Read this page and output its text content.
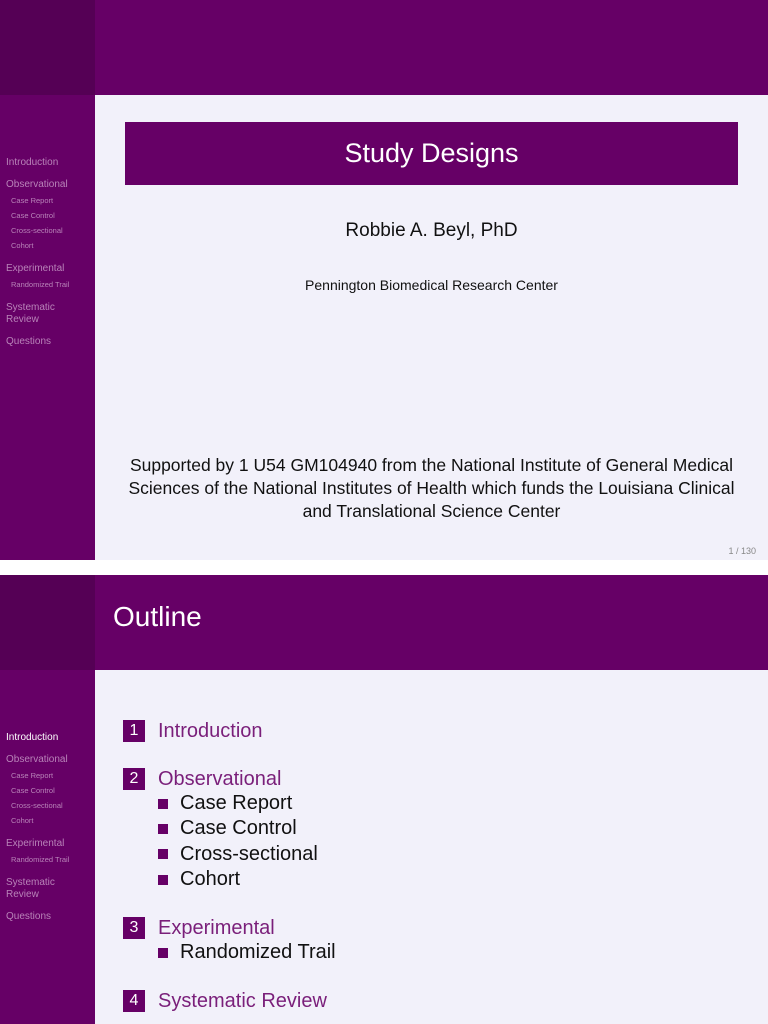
Introduction
Observational
Case Report
Case Control
Cross-sectional
Cohort
Experimental
Randomized Trail
Systematic
Review
Questions
Study Designs
Robbie A. Beyl, PhD
Pennington Biomedical Research Center
Supported by 1 U54 GM104940 from the National Institute of General Medical Sciences of the National Institutes of Health which funds the Louisiana Clinical and Translational Science Center
1 / 130
Outline
Introduction
Observational
Case Report
Case Control
Cross-sectional
Cohort
Experimental
Randomized Trail
Systematic
Review
Questions
1 Introduction
2 Observational
Case Report
Case Control
Cross-sectional
Cohort
3 Experimental
Randomized Trail
4 Systematic Review
